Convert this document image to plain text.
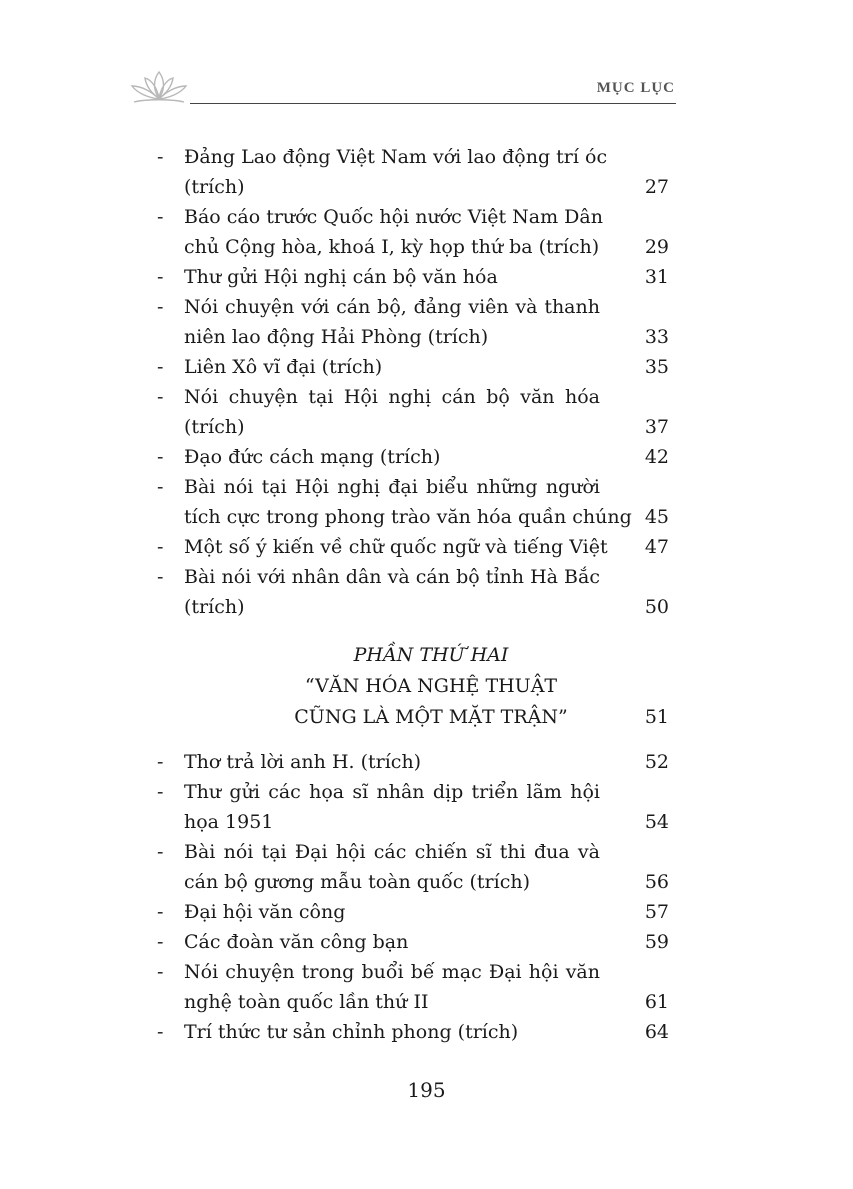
MỤC LỤC
- Đảng Lao động Việt Nam với lao động trí óc
(trích)	27
- Báo cáo trước Quốc hội nước Việt Nam Dân
chủ Cộng hòa, khoá I, kỳ họp thứ ba (trích) 29
- Thư gửi Hội nghị cán bộ văn hóa	31
- Nói chuyện với cán bộ, đảng viên và thanh
niên lao động Hải Phòng (trích)	33
- Liên Xô vĩ đại (trích)	35
- Nói chuyện tại Hội nghị cán bộ văn hóa
(trích)	37
- Đạo đức cách mạng (trích)	42
- Bài nói tại Hội nghị đại biểu những người
tích cực trong phong trào văn hóa quần chúng 45
- Một số ý kiến về chữ quốc ngữ và tiếng Việt 47
- Bài nói với nhân dân và cán bộ tỉnh Hà Bắc
(trích)	50
PHẦN THỨ HAI
“VĂN HÓA NGHỆ THUẬT
CŨNG LÀ MỘT MẶT TRẬN”	51
- Thơ trả lời anh H. (trích)	52
- Thư gửi các họa sĩ nhân dịp triển lãm hội
họa 1951	54
- Bài nói tại Đại hội các chiến sĩ thi đua và
cán bộ gương mẫu toàn quốc (trích)	56
- Đại hội văn công	57
- Các đoàn văn công bạn	59
- Nói chuyện trong buổi bế mạc Đại hội văn
nghệ toàn quốc lần thứ II	61
- Trí thức tư sản chỉnh phong (trích)	64
195
